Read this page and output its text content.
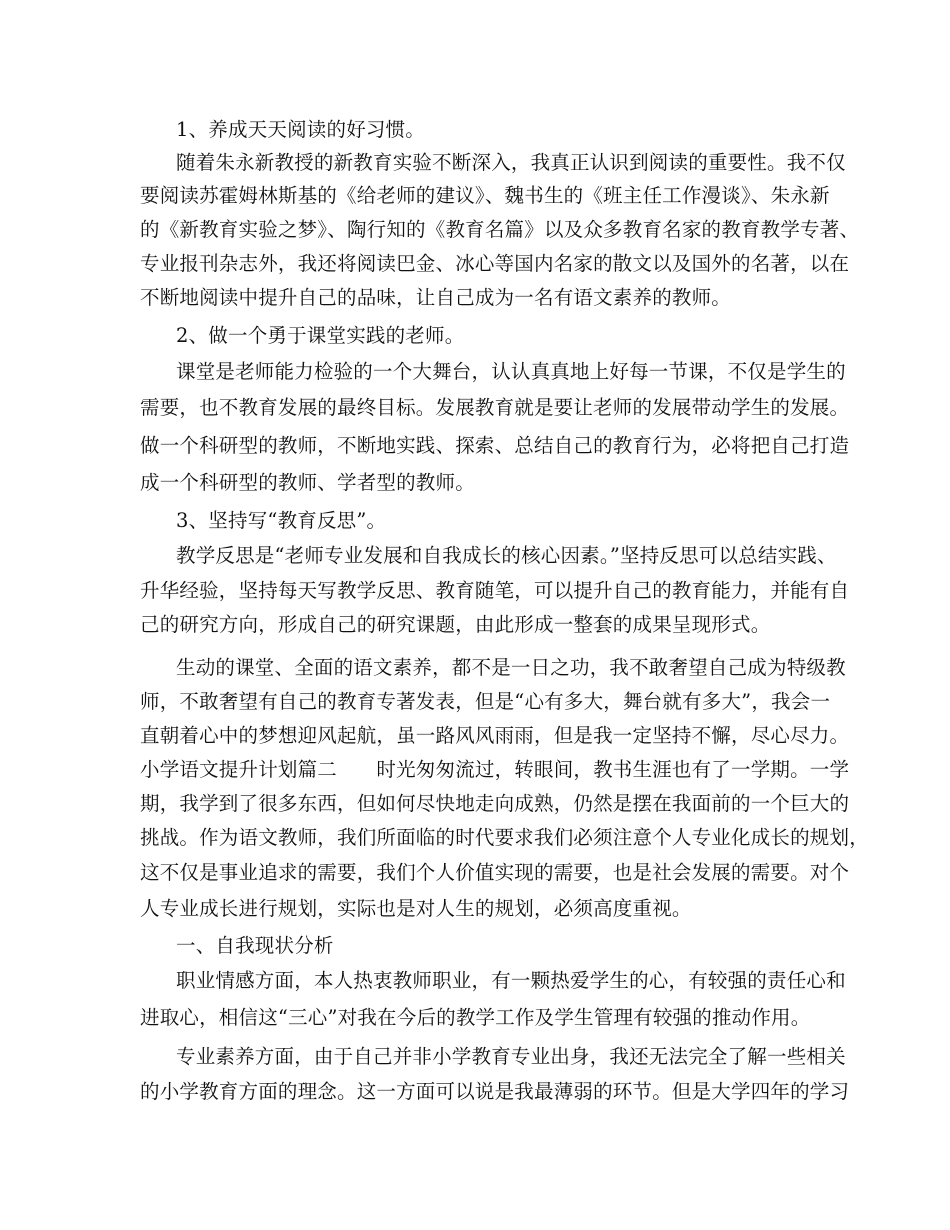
1、养成天天阅读的好习惯。
随着朱永新教授的新教育实验不断深入，我真正认识到阅读的重要性。我不仅
要阅读苏霍姆林斯基的《给老师的建议》、魏书生的《班主任工作漫谈》、朱永新
的《新教育实验之梦》、陶行知的《教育名篇》以及众多教育名家的教育教学专著、
专业报刊杂志外，我还将阅读巴金、冰心等国内名家的散文以及国外的名著，以在
不断地阅读中提升自己的品味，让自己成为一名有语文素养的教师。
2、做一个勇于课堂实践的老师。
课堂是老师能力检验的一个大舞台，认认真真地上好每一节课，不仅是学生的
需要，也不教育发展的最终目标。发展教育就是要让老师的发展带动学生的发展。
做一个科研型的教师，不断地实践、探索、总结自己的教育行为，必将把自己打造
成一个科研型的教师、学者型的教师。
3、坚持写“教育反思”。
教学反思是“老师专业发展和自我成长的核心因素。”坚持反思可以总结实践、
升华经验，坚持每天写教学反思、教育随笔，可以提升自己的教育能力，并能有自
己的研究方向，形成自己的研究课题，由此形成一整套的成果呈现形式。
生动的课堂、全面的语文素养，都不是一日之功，我不敢奢望自己成为特级教
师，不敢奢望有自己的教育专著发表，但是“心有多大，舞台就有多大”，我会一
直朝着心中的梦想迎风起航，虽一路风风雨雨，但是我一定坚持不懈，尽心尽力。
小学语文提升计划篇二　　时光匆匆流过，转眼间，教书生涯也有了一学期。一学
期，我学到了很多东西，但如何尽快地走向成熟，仍然是摆在我面前的一个巨大的
挑战。作为语文教师，我们所面临的时代要求我们必须注意个人专业化成长的规划，
这不仅是事业追求的需要，我们个人价值实现的需要，也是社会发展的需要。对个
人专业成长进行规划，实际也是对人生的规划，必须高度重视。
一、自我现状分析
职业情感方面，本人热衷教师职业，有一颗热爱学生的心，有较强的责任心和
进取心，相信这“三心”对我在今后的教学工作及学生管理有较强的推动作用。
专业素养方面，由于自己并非小学教育专业出身，我还无法完全了解一些相关
的小学教育方面的理念。这一方面可以说是我最薄弱的环节。但是大学四年的学习
